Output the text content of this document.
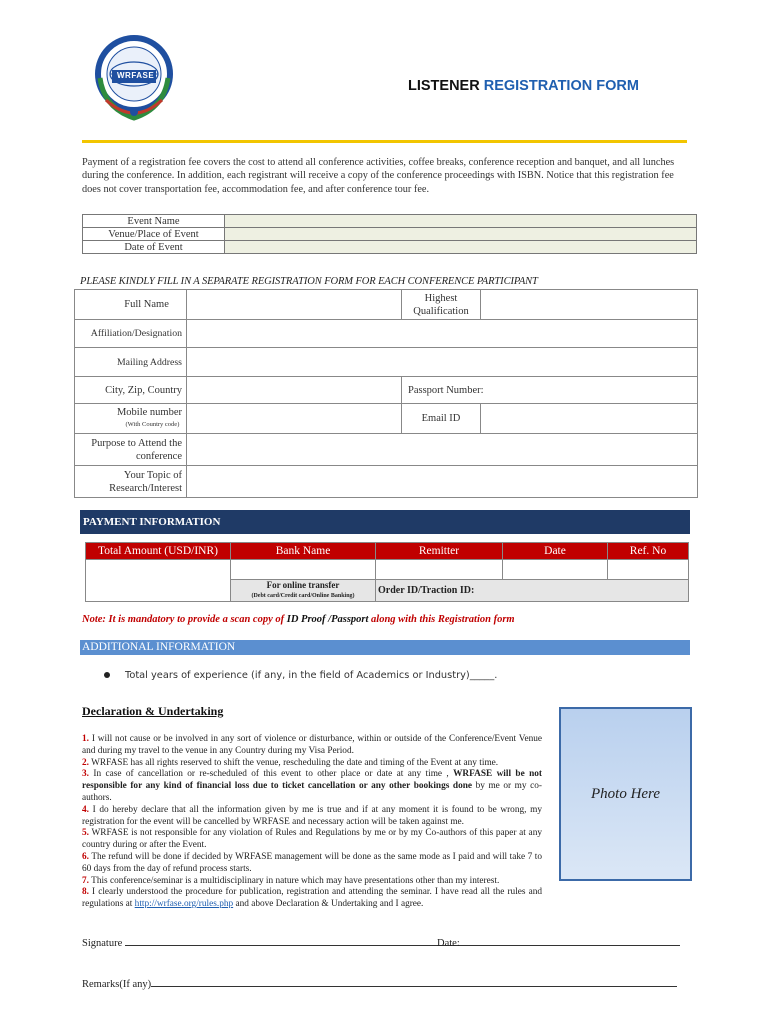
WRFASE
LISTENER REGISTRATION FORM
Payment of a registration fee covers the cost to attend all conference activities, coffee breaks, conference reception and banquet, and all lunches during the conference. In addition, each registrant will receive a copy of the conference proceedings with ISBN. Notice that this registration fee does not cover transportation fee, accommodation fee, and after conference tour fee.
Event Name	
Venue/Place of Event	
Date of Event	
PLEASE KINDLY FILL IN A SEPARATE REGISTRATION FORM FOR EACH CONFERENCE PARTICIPANT
Full Name		Highest
Qualification	
Affiliation/Designation			
Mailing Address			
City, Zip, Country		Passport Number:	
Mobile number
(With Country code)		Email ID	
Purpose to Attend the
conference			
Your Topic of
Research/Interest			
PAYMENT INFORMATION
Total Amount (USD/INR)	Bank Name	Remitter	Date	Ref. No

	For online transfer
(Debt card/Credit card/Online Banking)	Order ID/Traction ID:		
Note: It is mandatory to provide a scan copy of ID Proof /Passport along with this Registration form
ADDITIONAL INFORMATION
Total years of experience (if any, in the field of Academics or Industry)_____.
Declaration & Undertaking
1. I will not cause or be involved in any sort of violence or disturbance, within or outside of the Conference/Event Venue and during my travel to the venue in any Country during my Visa Period.
2. WRFASE has all rights reserved to shift the venue, rescheduling the date and timing of the Event at any time.
3. In case of cancellation or re-scheduled of this event to other place or date at any time , WRFASE will be not responsible for any kind of financial loss due to ticket cancellation or any other bookings done by me or my co-authors.
4. I do hereby declare that all the information given by me is true and if at any moment it is found to be wrong, my registration for the event will be cancelled by WRFASE and necessary action will be taken against me.
5. WRFASE is not responsible for any violation of Rules and Regulations by me or by my Co-authors of this paper at any country during or after the Event.
6. The refund will be done if decided by WRFASE management will be done as the same mode as I paid and will take 7 to 60 days from the day of refund process starts.
7. This conference/seminar is a multidisciplinary in nature which may have presentations other than my interest.
8. I clearly understood the procedure for publication, registration and attending the seminar. I have read all the rules and regulations at http://wrfase.org/rules.php and above Declaration & Undertaking and I agree.
Photo Here
Signature	Date:
Remarks(If any)
